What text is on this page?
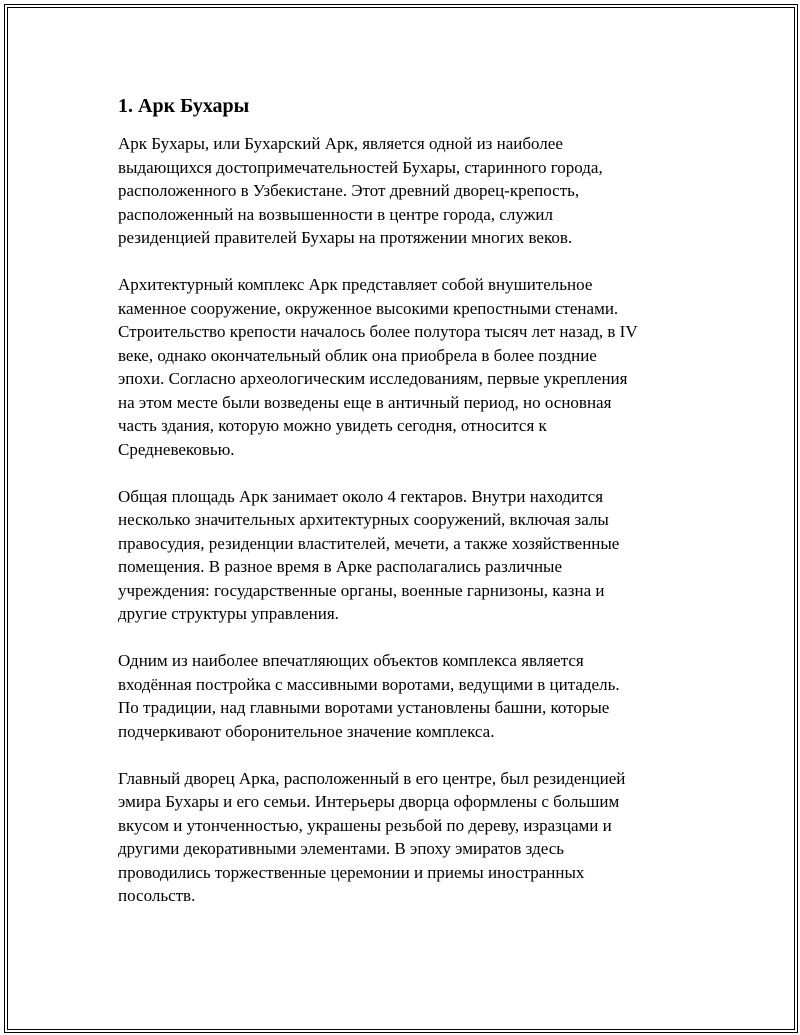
1. Арк Бухары

Арк Бухары, или Бухарский Арк, является одной из наиболее
выдающихся достопримечательностей Бухары, старинного города,
расположенного в Узбекистане. Этот древний дворец-крепость,
расположенный на возвышенности в центре города, служил
резиденцией правителей Бухары на протяжении многих веков.

Архитектурный комплекс Арк представляет собой внушительное
каменное сооружение, окруженное высокими крепостными стенами.
Строительство крепости началось более полутора тысяч лет назад, в IV
веке, однако окончательный облик она приобрела в более поздние
эпохи. Согласно археологическим исследованиям, первые укрепления
на этом месте были возведены еще в античный период, но основная
часть здания, которую можно увидеть сегодня, относится к
Средневековью.

Общая площадь Арк занимает около 4 гектаров. Внутри находится
несколько значительных архитектурных сооружений, включая залы
правосудия, резиденции властителей, мечети, а также хозяйственные
помещения. В разное время в Арке располагались различные
учреждения: государственные органы, военные гарнизоны, казна и
другие структуры управления.

Одним из наиболее впечатляющих объектов комплекса является
входённая постройка с массивными воротами, ведущими в цитадель.
По традиции, над главными воротами установлены башни, которые
подчеркивают оборонительное значение комплекса.

Главный дворец Арка, расположенный в его центре, был резиденцией
эмира Бухары и его семьи. Интерьеры дворца оформлены с большим
вкусом и утонченностью, украшены резьбой по дереву, изразцами и
другими декоративными элементами. В эпоху эмиратов здесь
проводились торжественные церемонии и приемы иностранных
посольств.
